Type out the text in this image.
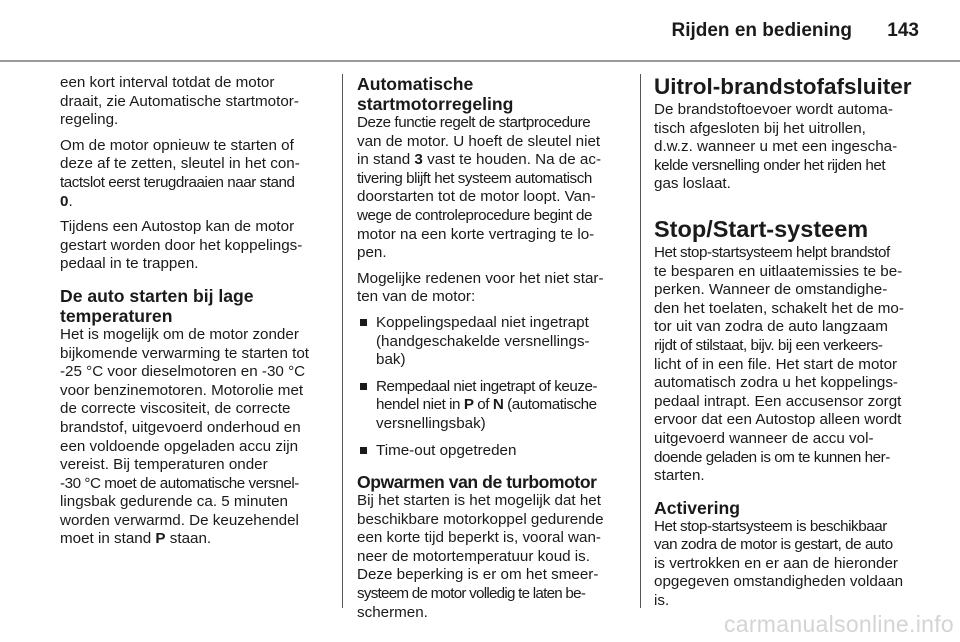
Rijden en bediening 143

een kort interval totdat de motor
draait, zie Automatische startmotor-
regeling.

Om de motor opnieuw te starten of
deze af te zetten, sleutel in het con-
tactslot eerst terugdraaien naar stand
0.

Tijdens een Autostop kan de motor
gestart worden door het koppelings-
pedaal in te trappen.

De auto starten bij lage
temperaturen

Het is mogelijk om de motor zonder
bijkomende verwarming te starten tot
-25 °C voor dieselmotoren en -30 °C
voor benzinemotoren. Motorolie met
de correcte viscositeit, de correcte
brandstof, uitgevoerd onderhoud en
een voldoende opgeladen accu zijn
vereist. Bij temperaturen onder
-30 °C moet de automatische versnel-
lingsbak gedurende ca. 5 minuten
worden verwarmd. De keuzehendel
moet in stand P staan.

Automatische
startmotorregeling

Deze functie regelt de startprocedure
van de motor. U hoeft de sleutel niet
in stand 3 vast te houden. Na de ac-
tivering blijft het systeem automatisch
doorstarten tot de motor loopt. Van-
wege de controleprocedure begint de
motor na een korte vertraging te lo-
pen.

Mogelijke redenen voor het niet star-
ten van de motor:

Koppelingspedaal niet ingetrapt
(handgeschakelde versnellings-
bak)
Rempedaal niet ingetrapt of keuze-
hendel niet in P of N (automatische
versnellingsbak)
Time-out opgetreden
Opwarmen van de turbomotor

Bij het starten is het mogelijk dat het
beschikbare motorkoppel gedurende
een korte tijd beperkt is, vooral wan-
neer de motortemperatuur koud is.
Deze beperking is er om het smeer-
systeem de motor volledig te laten be-
schermen.

Uitrol-brandstofafsluiter

De brandstoftoevoer wordt automa-
tisch afgesloten bij het uitrollen,
d.w.z. wanneer u met een ingescha-
kelde versnelling onder het rijden het
gas loslaat.

Stop/Start-systeem

Het stop-startsysteem helpt brandstof
te besparen en uitlaatemissies te be-
perken. Wanneer de omstandighe-
den het toelaten, schakelt het de mo-
tor uit van zodra de auto langzaam
rijdt of stilstaat, bijv. bij een verkeers-
licht of in een file. Het start de motor
automatisch zodra u het koppelings-
pedaal intrapt. Een accusensor zorgt
ervoor dat een Autostop alleen wordt
uitgevoerd wanneer de accu vol-
doende geladen is om te kunnen her-
starten.

Activering

Het stop-startsysteem is beschikbaar
van zodra de motor is gestart, de auto
is vertrokken en er aan de hieronder
opgegeven omstandigheden voldaan
is.

carmanualsonline.info
